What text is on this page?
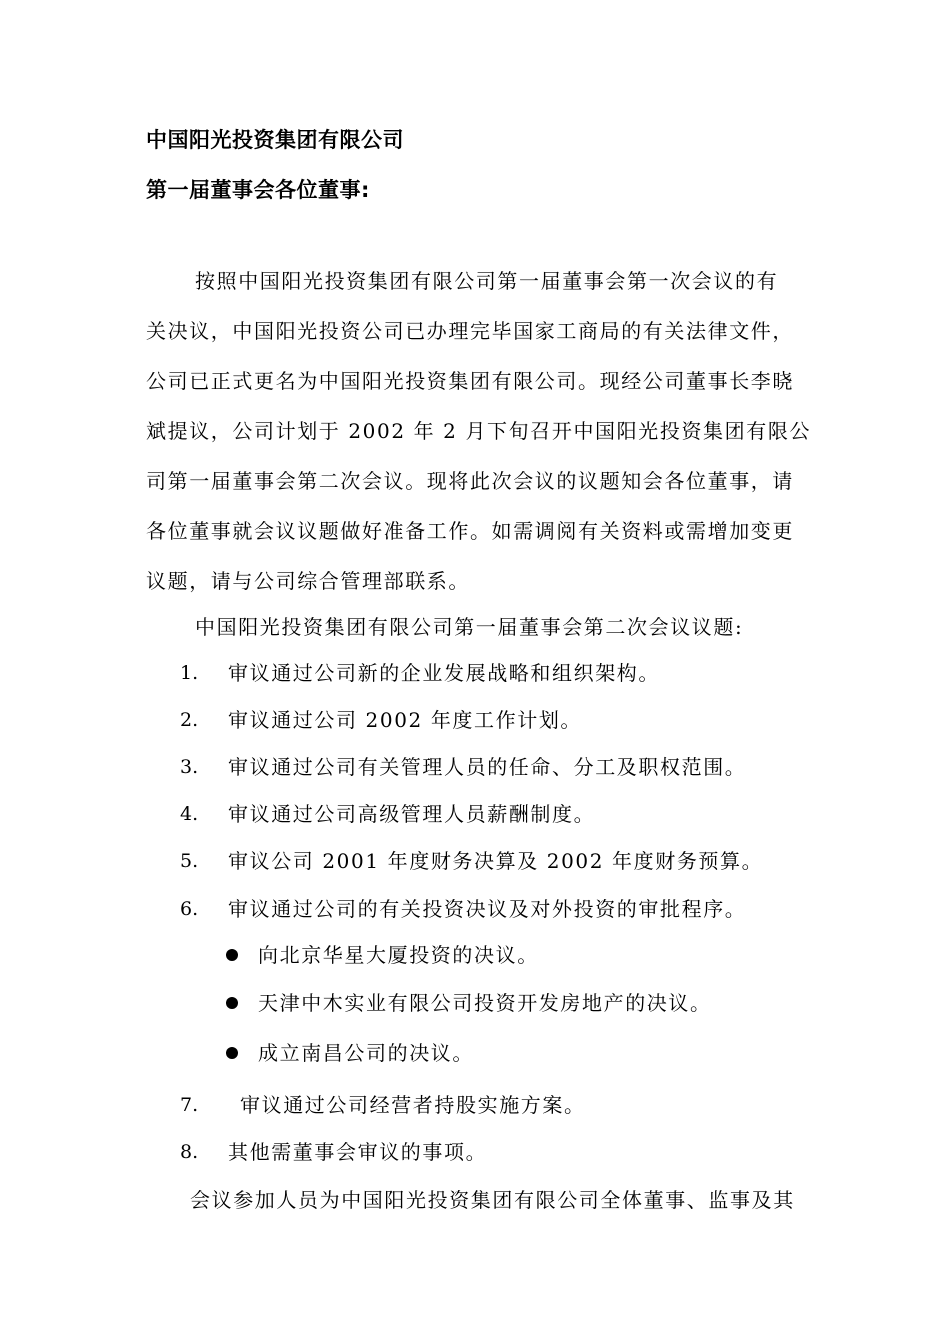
中国阳光投资集团有限公司
第一届董事会各位董事:
按照中国阳光投资集团有限公司第一届董事会第一次会议的有
关决议，中国阳光投资公司已办理完毕国家工商局的有关法律文件，
公司已正式更名为中国阳光投资集团有限公司。现经公司董事长李晓
斌提议，公司计划于 2002 年 2 月下旬召开中国阳光投资集团有限公
司第一届董事会第二次会议。现将此次会议的议题知会各位董事，请
各位董事就会议议题做好准备工作。如需调阅有关资料或需增加变更
议题，请与公司综合管理部联系。
中国阳光投资集团有限公司第一届董事会第二次会议议题:
1. 审议通过公司新的企业发展战略和组织架构。
2. 审议通过公司 2002 年度工作计划。
3. 审议通过公司有关管理人员的任命、分工及职权范围。
4. 审议通过公司高级管理人员薪酬制度。
5. 审议公司 2001 年度财务决算及 2002 年度财务预算。
6. 审议通过公司的有关投资决议及对外投资的审批程序。
向北京华星大厦投资的决议。
天津中木实业有限公司投资开发房地产的决议。
成立南昌公司的决议。
7. 审议通过公司经营者持股实施方案。
8. 其他需董事会审议的事项。
会议参加人员为中国阳光投资集团有限公司全体董事、监事及其
